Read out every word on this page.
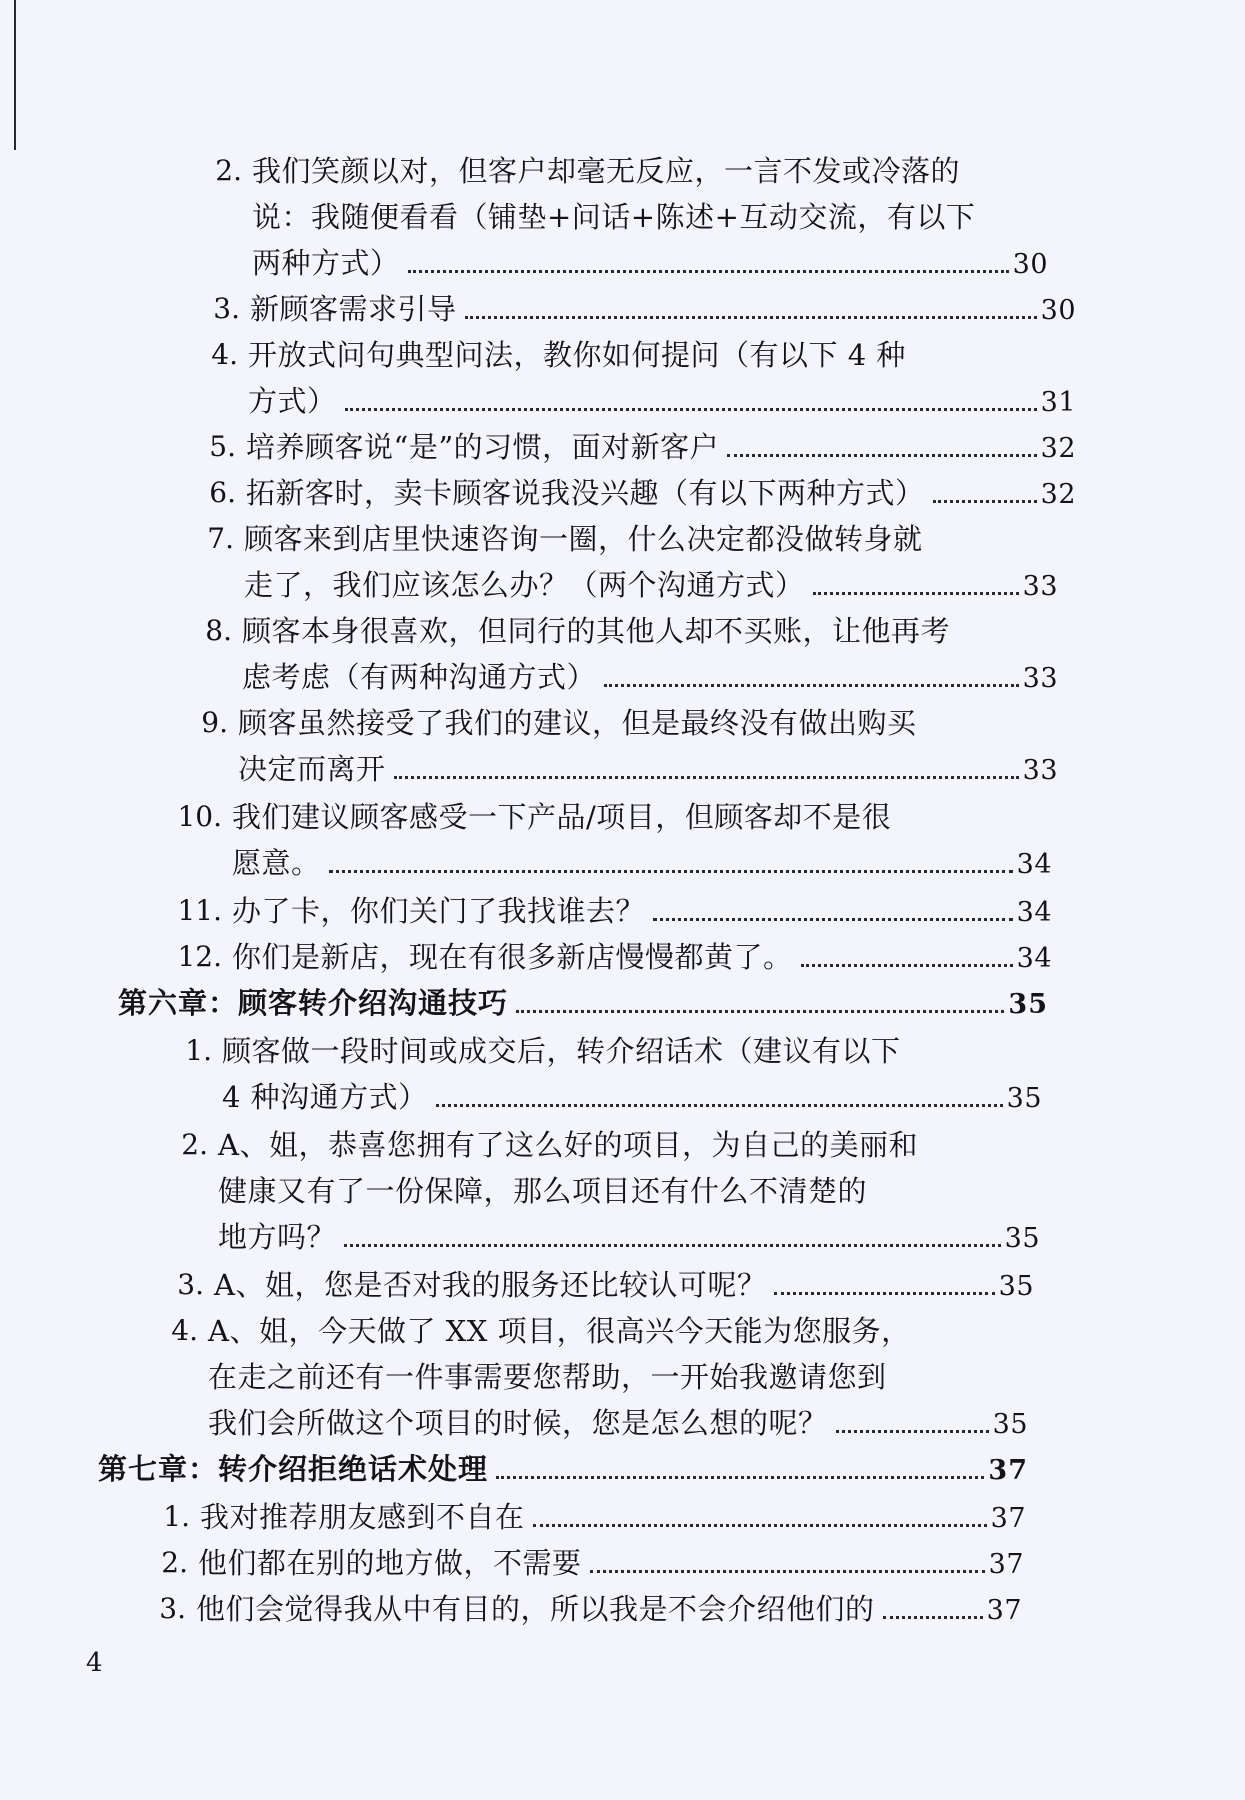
2. 我们笑颜以对，但客户却毫无反应，一言不发或冷落的
说：我随便看看（铺垫+问话+陈述+互动交流，有以下
两种方式）	30
3. 新顾客需求引导	30
4. 开放式问句典型问法，教你如何提问（有以下 4 种
方式）	31
5. 培养顾客说“是”的习惯，面对新客户	32
6. 拓新客时，卖卡顾客说我没兴趣（有以下两种方式）	32
7. 顾客来到店里快速咨询一圈，什么决定都没做转身就
走了，我们应该怎么办？（两个沟通方式）	33
8. 顾客本身很喜欢，但同行的其他人却不买账，让他再考
虑考虑（有两种沟通方式）	33
9. 顾客虽然接受了我们的建议，但是最终没有做出购买
决定而离开	33
10. 我们建议顾客感受一下产品/项目，但顾客却不是很
愿意。	34
11. 办了卡，你们关门了我找谁去？	34
12. 你们是新店，现在有很多新店慢慢都黄了。	34
第六章：顾客转介绍沟通技巧	35
1. 顾客做一段时间或成交后，转介绍话术（建议有以下
4 种沟通方式）	35
2. A、姐，恭喜您拥有了这么好的项目，为自己的美丽和
健康又有了一份保障，那么项目还有什么不清楚的
地方吗？	35
3. A、姐，您是否对我的服务还比较认可呢？	35
4. A、姐，今天做了 XX 项目，很高兴今天能为您服务，
在走之前还有一件事需要您帮助，一开始我邀请您到
我们会所做这个项目的时候，您是怎么想的呢？	35
第七章：转介绍拒绝话术处理	37
1. 我对推荐朋友感到不自在	37
2. 他们都在别的地方做，不需要	37
3. 他们会觉得我从中有目的，所以我是不会介绍他们的	37
4
